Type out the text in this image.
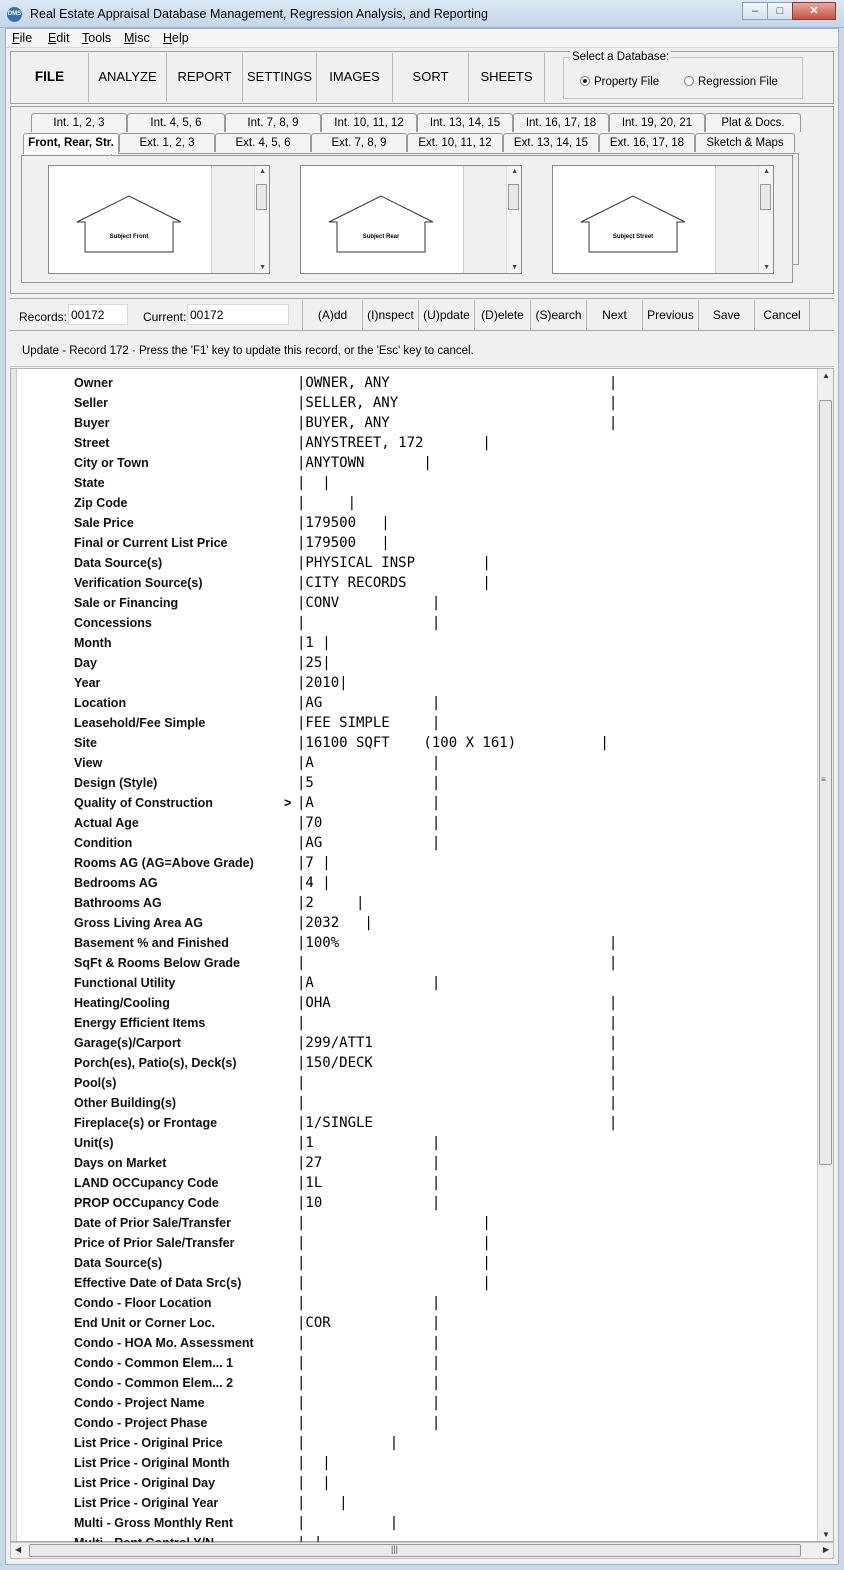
DMS Real Estate Appraisal Database Management, Regression Analysis, and Reporting	–	□	✕
File Edit Tools Misc Help
FILE	ANALYZE	REPORT	SETTINGS	IMAGES	SORT	SHEETS
Select a Database:
Property File	Regression File
Int. 1, 2, 3	Int. 4, 5, 6	Int. 7, 8, 9	Int. 10, 11, 12	Int. 13, 14, 15	Int. 16, 17, 18	Int. 19, 20, 21	Plat & Docs.
Front, Rear, Str.	Ext. 1, 2, 3	Ext. 4, 5, 6	Ext. 7, 8, 9	Ext. 10, 11, 12	Ext. 13, 14, 15	Ext. 16, 17, 18	Sketch & Maps
Subject Front
▲
▼
Subject Rear
▲
▼
Subject Street
▲
▼
Records: 00172	Current: 00172	(A)dd	(I)nspect (U)pdate (D)elete (S)earch	Next	Previous	Save	Cancel
Update - Record 172 · Press the 'F1' key to update this record, or the 'Esc' key to cancel.
Owner	|OWNER, ANY                          |
Seller	|SELLER, ANY                         |
Buyer	|BUYER, ANY                          |
Street	|ANYSTREET, 172       |
City or Town	|ANYTOWN       |
State	|  |
Zip Code	|     |
Sale Price	|179500   |
Final or Current List Price	|179500   |
Data Source(s)	|PHYSICAL INSP        |
Verification Source(s)	|CITY RECORDS         |
Sale or Financing	|CONV           |
Concessions	|               |
Month	|1 |
Day	|25|
Year	|2010|
Location	|AG             |
Leasehold/Fee Simple	|FEE SIMPLE     |
Site	|16100 SQFT    (100 X 161)          |
View	|A              |
Design (Style)	|5              |
Quality of Construction	> |A              |
Actual Age	|70             |
Condition	|AG             |
Rooms AG (AG=Above Grade)	|7 |
Bedrooms AG	|4 |
Bathrooms AG	|2     |
Gross Living Area AG	|2032   |
Basement % and Finished	|100%                                |
SqFt & Rooms Below Grade	|                                    |
Functional Utility	|A              |
Heating/Cooling	|OHA                                 |
Energy Efficient Items	|                                    |
Garage(s)/Carport	|299/ATT1                            |
Porch(es), Patio(s), Deck(s)	|150/DECK                            |
Pool(s)	|                                    |
Other Building(s)	|                                    |
Fireplace(s) or Frontage	|1/SINGLE                            |
Unit(s)	|1              |
Days on Market	|27             |
LAND OCCupancy Code	|1L             |
PROP OCCupancy Code	|10             |
Date of Prior Sale/Transfer	|                     |
Price of Prior Sale/Transfer	|                     |
Data Source(s)	|                     |
Effective Date of Data Src(s)	|                     |
Condo - Floor Location	|               |
End Unit or Corner Loc.	|COR            |
Condo - HOA Mo. Assessment	|               |
Condo - Common Elem... 1	|               |
Condo - Common Elem... 2	|               |
Condo - Project Name	|               |
Condo - Project Phase	|               |
List Price - Original Price	|          |
List Price - Original Month	|  |
List Price - Original Day	|  |
List Price - Original Year	|    |
Multi - Gross Monthly Rent	|          |
▲
≡
▼
◀	|||	▶
